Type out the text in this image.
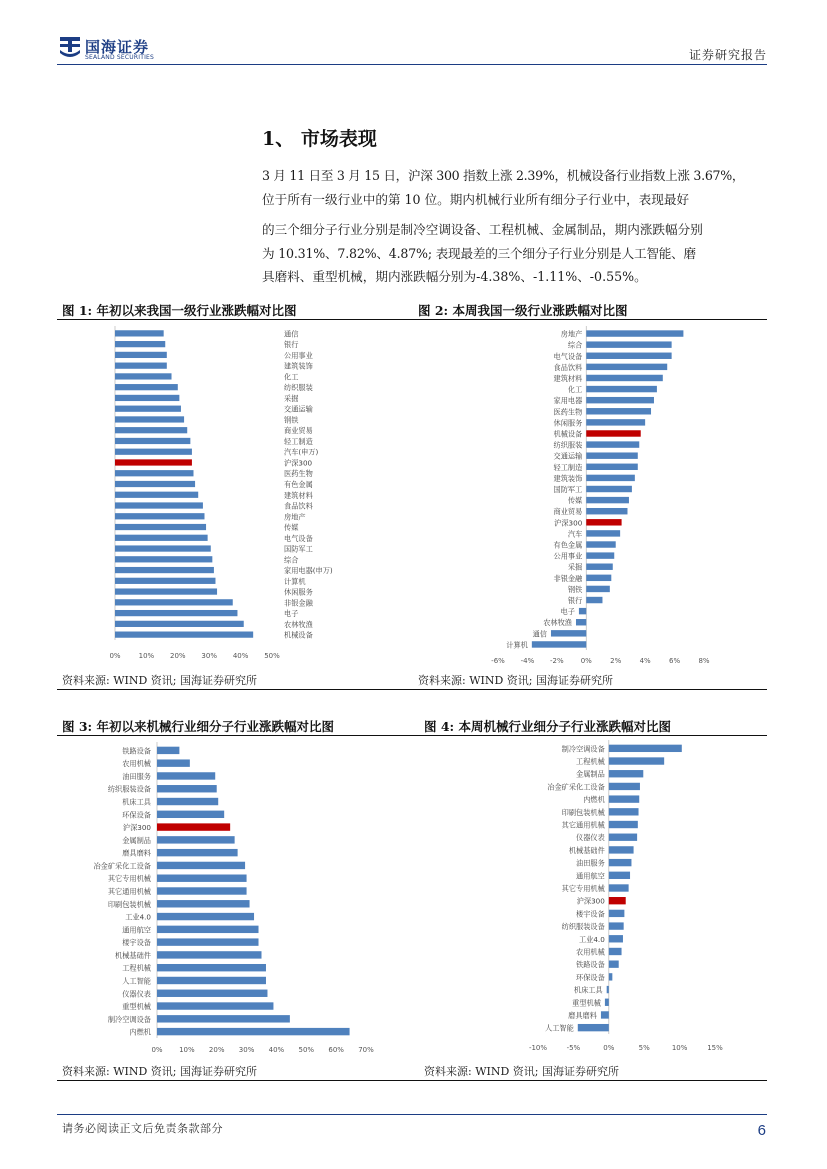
国海证券
SEALAND SECURITIES	证券研究报告
1、 市场表现
3 月 11 日至 3 月 15 日，沪深 300 指数上涨 2.39%，机械设备行业指数上涨 3.67%，
位于所有一级行业中的第 10 位。期内机械行业所有细分子行业中，表现最好
的三个细分子行业分别是制冷空调设备、工程机械、金属制品，期内涨跌幅分别
为 10.31%、7.82%、4.87%; 表现最差的三个细分子行业分别是人工智能、磨
具磨料、重型机械，期内涨跌幅分别为-4.38%、-1.11%、-0.55%。
图 1: 年初以来我国一级行业涨跌幅对比图	图 2: 本周我国一级行业涨跌幅对比图
通信
银行
公用事业
建筑装饰
化工
纺织服装
采掘
交通运输
钢铁
商业贸易
轻工制造
汽车(申万)
沪深300
医药生物
有色金属
建筑材料
食品饮料
房地产
传媒
电气设备
国防军工
综合
家用电器(申万)
计算机
休闲服务
非银金融
电子
农林牧渔
机械设备
0%	10% 20% 30% 40% 50%
房地产
综合
电气设备
食品饮料
建筑材料
化工
家用电器
医药生物
休闲服务
机械设备
纺织服装
交通运输
轻工制造
建筑装饰
国防军工
传媒
商业贸易
沪深300
汽车
有色金属
公用事业
采掘
非银金融
钢铁
银行
电子
农林牧渔
通信
计算机
-6% -4% -2% 0%	2%	4%	6%	8%
资料来源: WIND 资讯; 国海证券研究所	资料来源: WIND 资讯; 国海证券研究所
图 3: 年初以来机械行业细分子行业涨跌幅对比图	图 4: 本周机械行业细分子行业涨跌幅对比图
铁路设备
农用机械
油田服务
纺织服装设备
机床工具
环保设备
沪深300
金属制品
磨具磨料
冶金矿采化工设备
其它专用机械
其它通用机械
印刷包装机械
工业4.0
通用航空
楼宇设备
机械基础件
工程机械
人工智能
仪器仪表
重型机械
制冷空调设备
内燃机
0% 10% 20% 30% 40% 50% 60% 70%
制冷空调设备
工程机械
金属制品
冶金矿采化工设备
内燃机
印刷包装机械
其它通用机械
仪器仪表
机械基础件
油田服务
通用航空
其它专用机械
沪深300
楼宇设备
纺织服装设备
工业4.0
农用机械
铁路设备
环保设备
机床工具
重型机械
磨具磨料
人工智能
-10%	-5%	0%	5%	10%	15%
资料来源: WIND 资讯; 国海证券研究所	资料来源: WIND 资讯; 国海证券研究所
请务必阅读正文后免责条款部分	6
